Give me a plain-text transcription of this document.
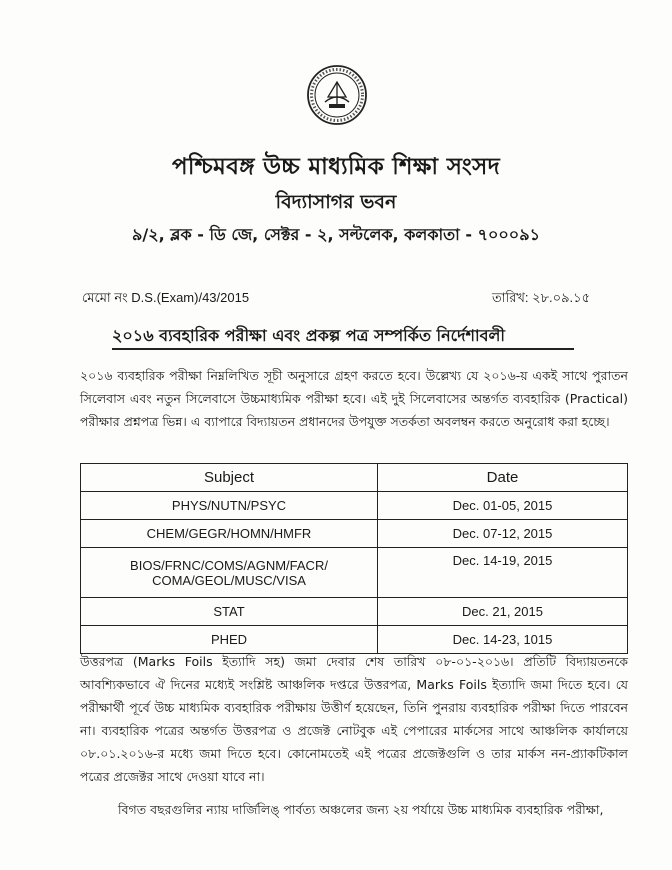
পশ্চিমবঙ্গ উচ্চ মাধ্যমিক শিক্ষা সংসদ
বিদ্যাসাগর ভবন
৯/২, ব্লক - ডি জে, সেক্টর - ২, সল্টলেক, কলকাতা - ৭০০০৯১
মেমো নং D.S.(Exam)/43/2015	তারিখ: ২৮.০৯.১৫
২০১৬ ব্যবহারিক পরীক্ষা এবং প্রকল্প পত্র সম্পর্কিত নির্দেশাবলী
২০১৬ ব্যবহারিক পরীক্ষা নিম্নলিখিত সূচী অনুসারে গ্রহণ করতে হবে। উল্লেখ্য যে ২০১৬-য় একই সাথে পুরাতন সিলেবাস এবং নতুন সিলেবাসে উচ্চমাধ্যমিক পরীক্ষা হবে। এই দুই সিলেবাসের অন্তর্গত ব্যবহারিক (Practical) পরীক্ষার প্রশ্নপত্র ভিন্ন। এ ব্যাপারে বিদ্যায়তন প্রধানদের উপযুক্ত সতর্কতা অবলম্বন করতে অনুরোধ করা হচ্ছে।
Subject	Date
PHYS/NUTN/PSYC	Dec. 01-05, 2015
CHEM/GEGR/HOMN/HMFR	Dec. 07-12, 2015
BIOS/FRNC/COMS/AGNM/FACR/ COMA/GEOL/MUSC/VISA	Dec. 14-19, 2015
STAT	Dec. 21, 2015
PHED	Dec. 14-23, 1015
উত্তরপত্র (Marks Foils ইত্যাদি সহ) জমা দেবার শেষ তারিখ ০৮-০১-২০১৬। প্রতিটি বিদ্যায়তনকে আবশ্যিকভাবে ঐ দিনের মধ্যেই সংশ্লিষ্ট আঞ্চলিক দপ্তরে উত্তরপত্র, Marks Foils ইত্যাদি জমা দিতে হবে। যে পরীক্ষার্থী পূর্বে উচ্চ মাধ্যমিক ব্যবহারিক পরীক্ষায় উত্তীর্ণ হয়েছেন, তিনি পুনরায় ব্যবহারিক পরীক্ষা দিতে পারবেন না। ব্যবহারিক পত্রের অন্তর্গত উত্তরপত্র ও প্রজেক্ট নোটবুক এই পেপারের মার্কসের সাথে আঞ্চলিক কার্যালয়ে ০৮.০১.২০১৬-র মধ্যে জমা দিতে হবে। কোনোমতেই এই পত্রের প্রজেক্টগুলি ও তার মার্কস নন-প্র্যাকটিকাল পত্রের প্রজেক্টর সাথে দেওয়া যাবে না।
বিগত বছরগুলির ন্যায় দার্জিলিঙ্ পার্বত্য অঞ্চলের জন্য ২য় পর্যায়ে উচ্চ মাধ্যমিক ব্যবহারিক পরীক্ষা,
